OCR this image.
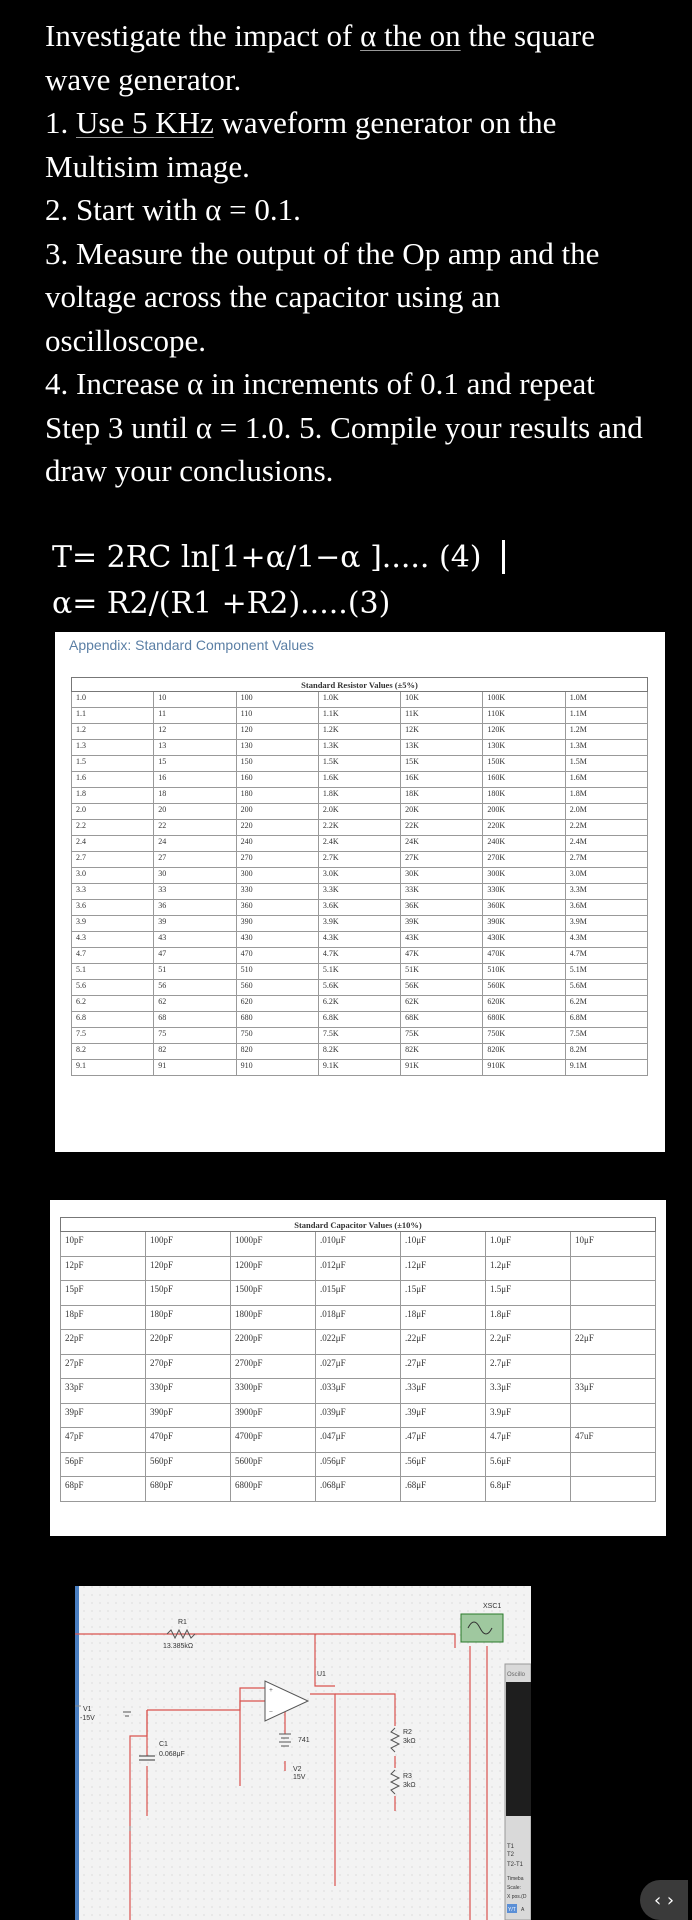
Investigate the impact of α the on the square wave generator.

1. Use 5 KHz waveform generator on the Multisim image.

2. Start with α = 0.1.

3. Measure the output of the Op amp and the voltage across the capacitor using an oscilloscope.

4. Increase α in increments of 0.1 and repeat Step 3 until α = 1.0. 5. Compile your results and draw your conclusions.

T= 2RC ln[1+α/1−α ]..... (4)
α= R2/(R1 +R2).....(3)
Appendix: Standard Component Values
Standard Resistor Values (±5%)						
1.0	10	100	1.0K	10K	100K	1.0M
1.1	11	110	1.1K	11K	110K	1.1M
1.2	12	120	1.2K	12K	120K	1.2M
1.3	13	130	1.3K	13K	130K	1.3M
1.5	15	150	1.5K	15K	150K	1.5M
1.6	16	160	1.6K	16K	160K	1.6M
1.8	18	180	1.8K	18K	180K	1.8M
2.0	20	200	2.0K	20K	200K	2.0M
2.2	22	220	2.2K	22K	220K	2.2M
2.4	24	240	2.4K	24K	240K	2.4M
2.7	27	270	2.7K	27K	270K	2.7M
3.0	30	300	3.0K	30K	300K	3.0M
3.3	33	330	3.3K	33K	330K	3.3M
3.6	36	360	3.6K	36K	360K	3.6M
3.9	39	390	3.9K	39K	390K	3.9M
4.3	43	430	4.3K	43K	430K	4.3M
4.7	47	470	4.7K	47K	470K	4.7M
5.1	51	510	5.1K	51K	510K	5.1M
5.6	56	560	5.6K	56K	560K	5.6M
6.2	62	620	6.2K	62K	620K	6.2M
6.8	68	680	6.8K	68K	680K	6.8M
7.5	75	750	7.5K	75K	750K	7.5M
8.2	82	820	8.2K	82K	820K	8.2M
9.1	91	910	9.1K	91K	910K	9.1M
Standard Capacitor Values (±10%)						
10pF	100pF	1000pF	.010μF	.10μF	1.0μF	10μF
12pF	120pF	1200pF	.012μF	.12μF	1.2μF	
15pF	150pF	1500pF	.015μF	.15μF	1.5μF	
18pF	180pF	1800pF	.018μF	.18μF	1.8μF	
22pF	220pF	2200pF	.022μF	.22μF	2.2μF	22μF
27pF	270pF	2700pF	.027μF	.27μF	2.7μF	
33pF	330pF	3300pF	.033μF	.33μF	3.3μF	33μF
39pF	390pF	3900pF	.039μF	.39μF	3.9μF	
47pF	470pF	4700pF	.047μF	.47μF	4.7μF	47uF
56pF	560pF	5600pF	.056μF	.56μF	5.6μF	
68pF	680pF	6800pF	.068μF	.68μF	6.8μF	
R1
13.385kΩ
+
−
U1
741
V1
-15V
C1
0.068μF
V2
15V
R2
3kΩ
R3
3kΩ
XSC1
Oscillo
T1
T2
T2-T1
Timeba
Scale:
X pos.(D
Y/T A	‹ ›
